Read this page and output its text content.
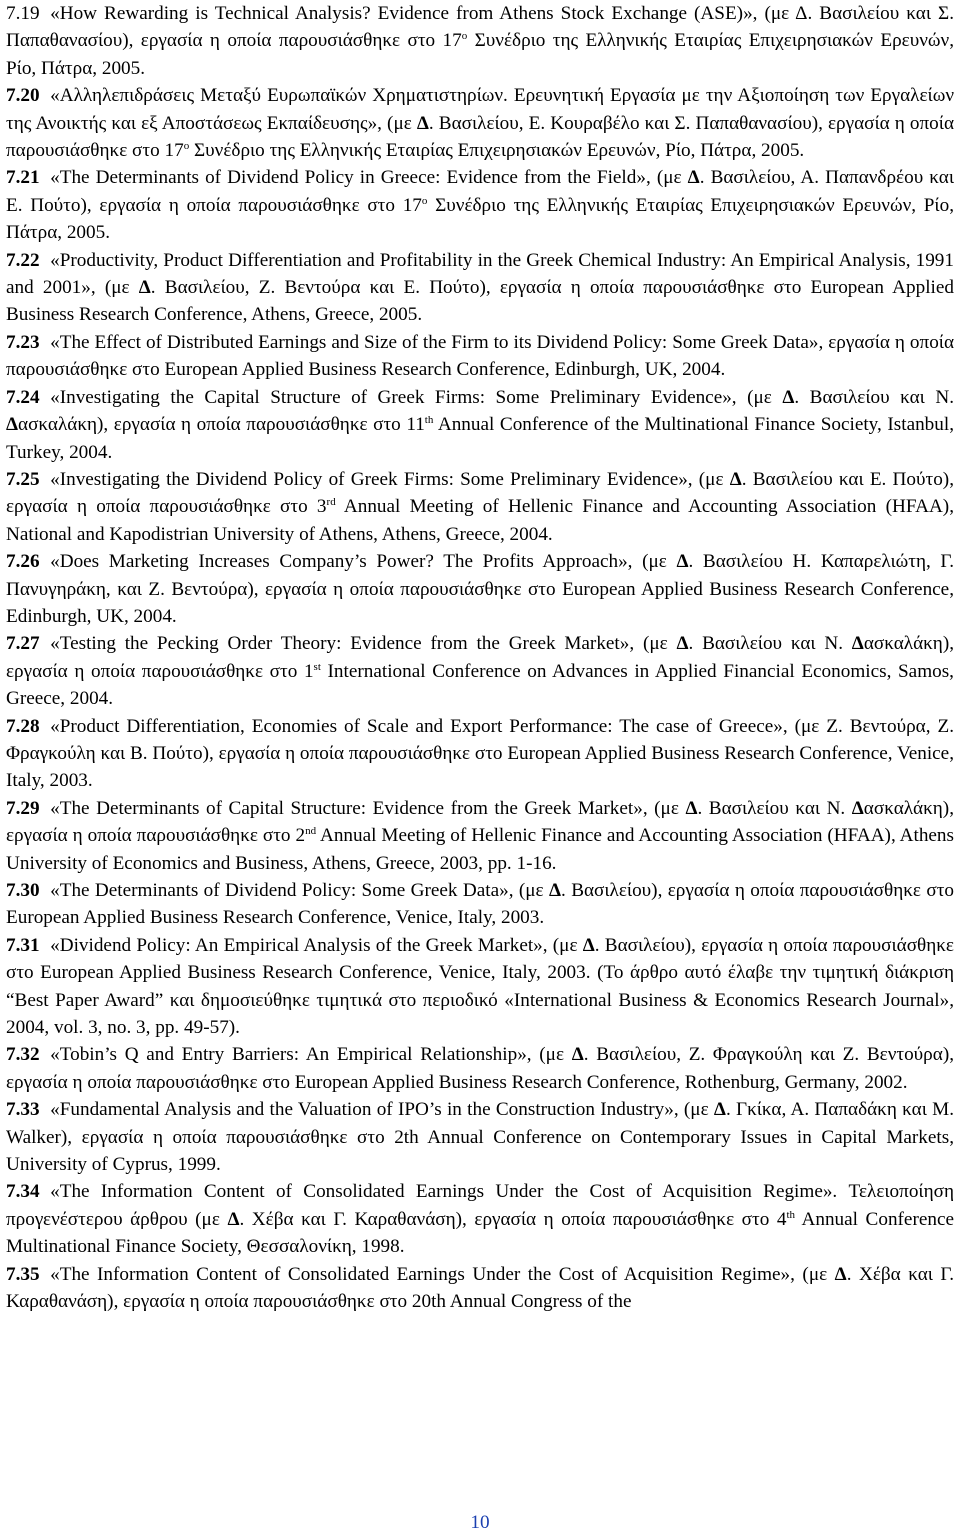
7.19 «How Rewarding is Technical Analysis? Evidence from Athens Stock Exchange (ASE)», (με Δ. Βασιλείου και Σ. Παπαθανασίου), εργασία η οποία παρουσιάσθηκε στο $17^o$ Συνέδριο της Ελληνικής Εταιρίας Επιχειρησιακών Ερευνών, Ρίο, Πάτρα, 2005.

7.20 «Αλληλεπιδράσεις Μεταξύ Ευρωπαϊκών Χρηματιστηρίων. Ερευνητική Εργασία με την Αξιοποίηση των Εργαλείων της Ανοικτής και εξ Αποστάσεως Εκπαίδευσης», (με Δ. Βασιλείου, Ε. Κουραβέλο και Σ. Παπαθανασίου), εργασία η οποία παρουσιάσθηκε στο $17^o$ Συνέδριο της Ελληνικής Εταιρίας Επιχειρησιακών Ερευνών, Ρίο, Πάτρα, 2005.

7.21 «The Determinants of Dividend Policy in Greece: Evidence from the Field», (με Δ. Βασιλείου, Α. Παπανδρέου και Ε. Πούτο), εργασία η οποία παρουσιάσθηκε στο $17^o$ Συνέδριο της Ελληνικής Εταιρίας Επιχειρησιακών Ερευνών, Ρίο, Πάτρα, 2005.

7.22 «Productivity, Product Differentiation and Profitability in the Greek Chemical Industry: An Empirical Analysis, 1991 and 2001», (με Δ. Βασιλείου, Ζ. Βεντούρα και Ε. Πούτο), εργασία η οποία παρουσιάσθηκε στο European Applied Business Research Conference, Athens, Greece, 2005.

7.23 «The Effect of Distributed Earnings and Size of the Firm to its Dividend Policy: Some Greek Data», εργασία η οποία παρουσιάσθηκε στο European Applied Business Research Conference, Edinburgh, UK, 2004.

7.24 «Investigating the Capital Structure of Greek Firms: Some Preliminary Evidence», (με Δ. Βασιλείου και Ν. Δασκαλάκη), εργασία η οποία παρουσιάσθηκε στο 11th Annual Conference of the Multinational Finance Society, Istanbul, Turkey, 2004.

7.25 «Investigating the Dividend Policy of Greek Firms: Some Preliminary Evidence», (με Δ. Βασιλείου και Ε. Πούτο), εργασία η οποία παρουσιάσθηκε στο 3rd Annual Meeting of Hellenic Finance and Accounting Association (HFAA), National and Kapodistrian University of Athens, Athens, Greece, 2004.

7.26 «Does Marketing Increases Company’s Power? The Profits Approach», (με Δ. Βασιλείου Η. Καπαρελιώτη, Γ. Πανυγηράκη, και Ζ. Βεντούρα), εργασία η οποία παρουσιάσθηκε στο European Applied Business Research Conference, Edinburgh, UK, 2004.

7.27 «Testing the Pecking Order Theory: Evidence from the Greek Market», (με Δ. Βασιλείου και Ν. Δασκαλάκη), εργασία η οποία παρουσιάσθηκε στο 1st International Conference on Advances in Applied Financial Economics, Samos, Greece, 2004.

7.28 «Product Differentiation, Economies of Scale and Export Performance: The case of Greece», (με Ζ. Βεντούρα, Ζ. Φραγκούλη και Β. Πούτο), εργασία η οποία παρουσιάσθηκε στο European Applied Business Research Conference, Venice, Italy, 2003.

7.29 «The Determinants of Capital Structure: Evidence from the Greek Market», (με Δ. Βασιλείου και Ν. Δασκαλάκη), εργασία η οποία παρουσιάσθηκε στο 2nd Annual Meeting of Hellenic Finance and Accounting Association (HFAA), Athens University of Economics and Business, Athens, Greece, 2003, pp. 1-16.

7.30 «The Determinants of Dividend Policy: Some Greek Data», (με Δ. Βασιλείου), εργασία η οποία παρουσιάσθηκε στο European Applied Business Research Conference, Venice, Italy, 2003.

7.31 «Dividend Policy: An Empirical Analysis of the Greek Market», (με Δ. Βασιλείου), εργασία η οποία παρουσιάσθηκε στο European Applied Business Research Conference, Venice, Italy, 2003. (Το άρθρο αυτό έλαβε την τιμητική διάκριση “Best Paper Award” και δημοσιεύθηκε τιμητικά στο περιοδικό «International Business & Economics Research Journal», 2004, vol. 3, no. 3, pp. 49-57).

7.32 «Tobin’s Q and Entry Barriers: An Empirical Relationship», (με Δ. Βασιλείου, Ζ. Φραγκούλη και Ζ. Βεντούρα), εργασία η οποία παρουσιάσθηκε στο European Applied Business Research Conference, Rothenburg, Germany, 2002.

7.33 «Fundamental Analysis and the Valuation of IPO’s in the Construction Industry», (με Δ. Γκίκα, Α. Παπαδάκη και M. Walker), εργασία η οποία παρουσιάσθηκε στο 2th Annual Conference on Contemporary Issues in Capital Markets, University of Cyprus, 1999.

7.34 «The Information Content of Consolidated Earnings Under the Cost of Acquisition Regime». Τελειοποίηση προγενέστερου άρθρου (με Δ. Χέβα και Γ. Καραθανάση), εργασία η οποία παρουσιάσθηκε στο 4th Annual Conference Multinational Finance Society, Θεσσαλονίκη, 1998.

7.35 «The Information Content of Consolidated Earnings Under the Cost of Acquisition Regime», (με Δ. Χέβα και Γ. Καραθανάση), εργασία η οποία παρουσιάσθηκε στο 20th Annual Congress of the

10
